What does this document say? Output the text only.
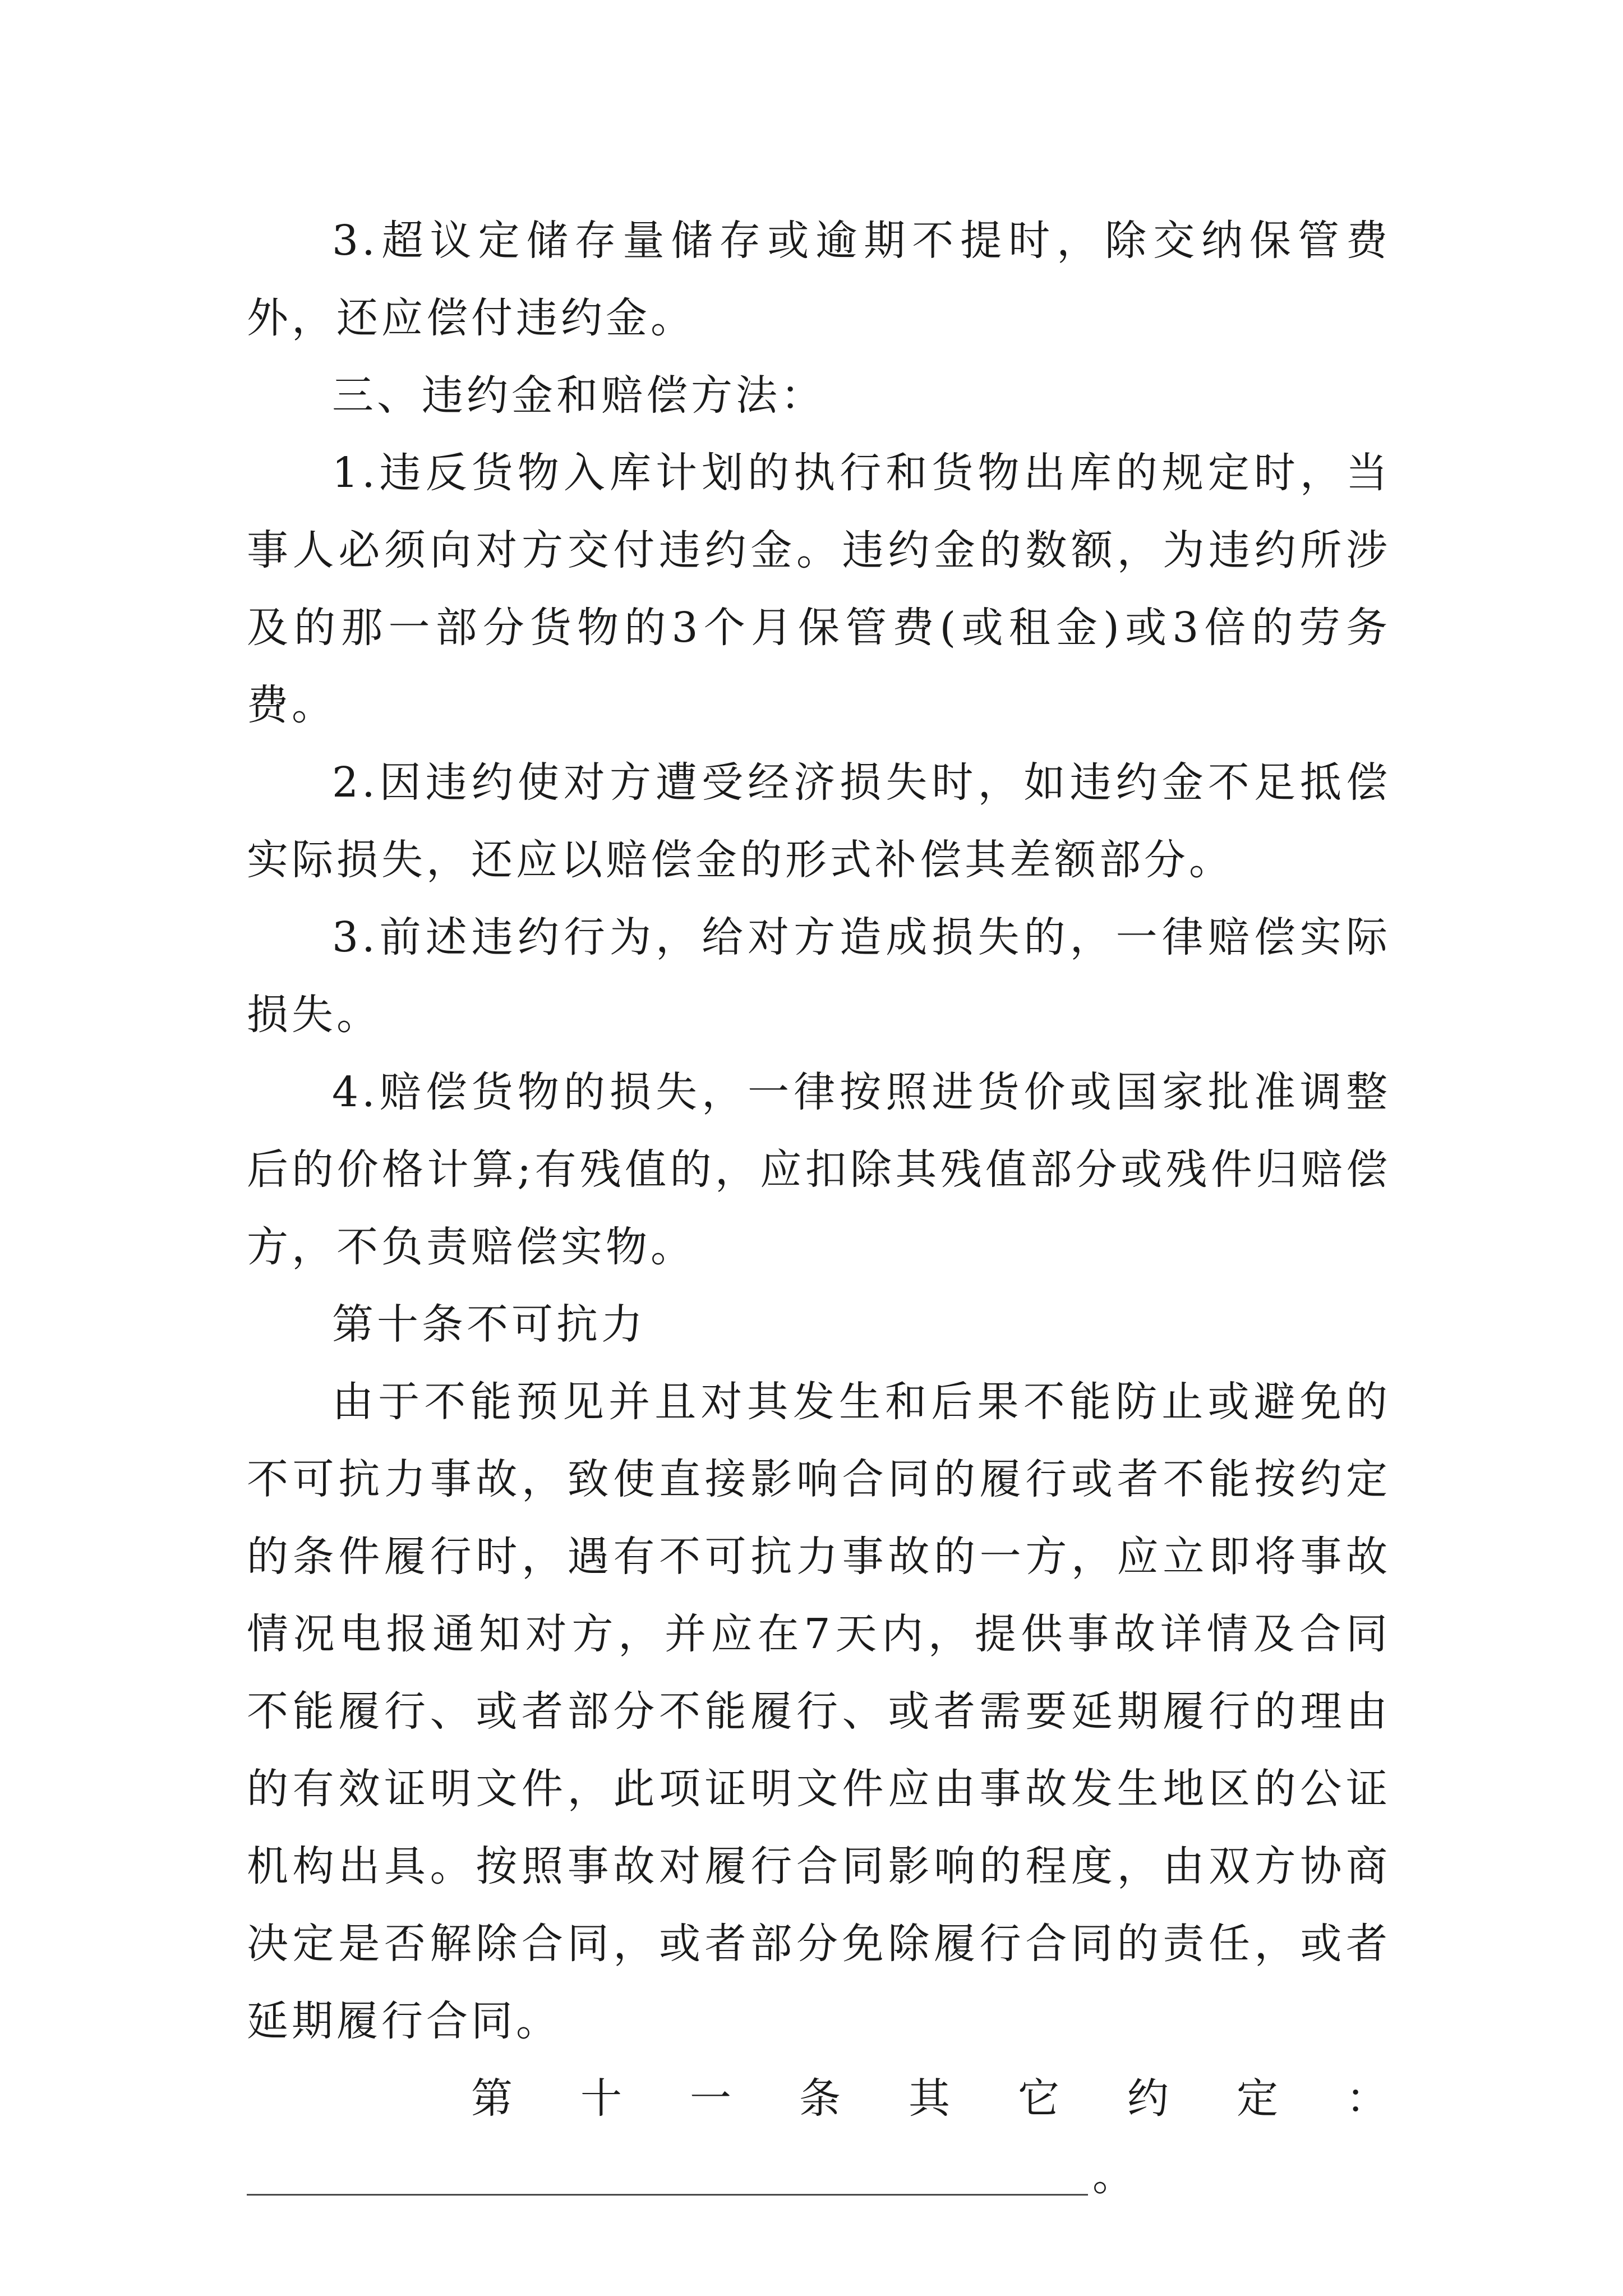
3.超议定储存量储存或逾期不提时，除交纳保管费外，还应偿付违约金。

三、违约金和赔偿方法：

1.违反货物入库计划的执行和货物出库的规定时，当事人必须向对方交付违约金。违约金的数额，为违约所涉及的那一部分货物的3个月保管费(或租金)或3倍的劳务费。

2.因违约使对方遭受经济损失时，如违约金不足抵偿实际损失，还应以赔偿金的形式补偿其差额部分。

3.前述违约行为，给对方造成损失的，一律赔偿实际损失。

4.赔偿货物的损失，一律按照进货价或国家批准调整后的价格计算;有残值的，应扣除其残值部分或残件归赔偿方，不负责赔偿实物。

第十条不可抗力

由于不能预见并且对其发生和后果不能防止或避免的不可抗力事故，致使直接影响合同的履行或者不能按约定的条件履行时，遇有不可抗力事故的一方，应立即将事故情况电报通知对方，并应在7天内，提供事故详情及合同不能履行、或者部分不能履行、或者需要延期履行的理由的有效证明文件，此项证明文件应由事故发生地区的公证机构出具。按照事故对履行合同影响的程度，由双方协商决定是否解除合同，或者部分免除履行合同的责任，或者延期履行合同。

第 十 一 条 其 它 约 定 ：

。
